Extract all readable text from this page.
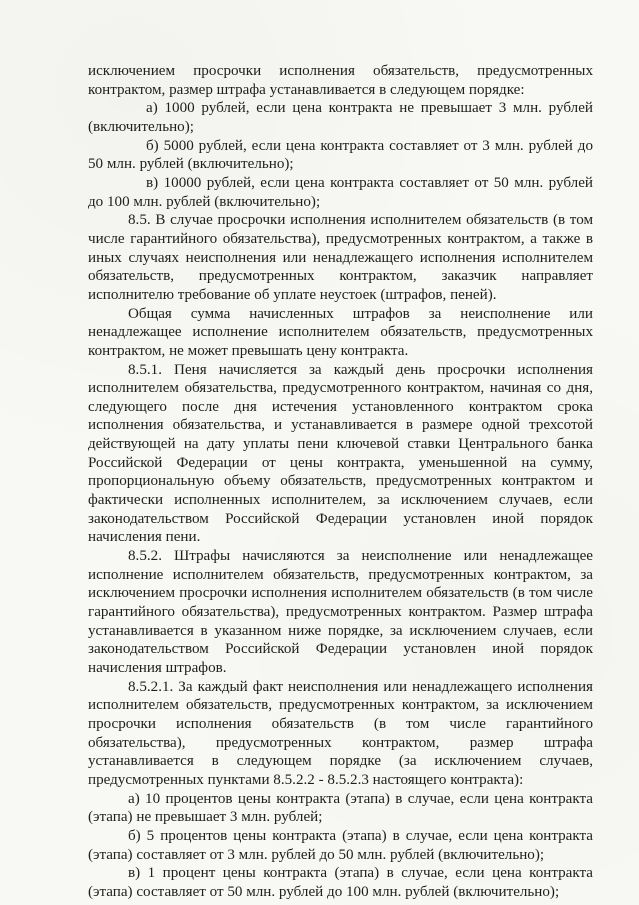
исключением просрочки исполнения обязательств, предусмотренных контрактом, размер штрафа устанавливается в следующем порядке:

а) 1000 рублей, если цена контракта не превышает 3 млн. рублей (включительно);

б) 5000 рублей, если цена контракта составляет от 3 млн. рублей до 50 млн. рублей (включительно);

в) 10000 рублей, если цена контракта составляет от 50 млн. рублей до 100 млн. рублей (включительно);

8.5. В случае просрочки исполнения исполнителем обязательств (в том числе гарантийного обязательства), предусмотренных контрактом, а также в иных случаях неисполнения или ненадлежащего исполнения исполнителем обязательств, предусмотренных контрактом, заказчик направляет исполнителю требование об уплате неустоек (штрафов, пеней).

Общая сумма начисленных штрафов за неисполнение или ненадлежащее исполнение исполнителем обязательств, предусмотренных контрактом, не может превышать цену контракта.

8.5.1. Пеня начисляется за каждый день просрочки исполнения исполнителем обязательства, предусмотренного контрактом, начиная со дня, следующего после дня истечения установленного контрактом срока исполнения обязательства, и устанавливается в размере одной трехсотой действующей на дату уплаты пени ключевой ставки Центрального банка Российской Федерации от цены контракта, уменьшенной на сумму, пропорциональную объему обязательств, предусмотренных контрактом и фактически исполненных исполнителем, за исключением случаев, если законодательством Российской Федерации установлен иной порядок начисления пени.

8.5.2. Штрафы начисляются за неисполнение или ненадлежащее исполнение исполнителем обязательств, предусмотренных контрактом, за исключением просрочки исполнения исполнителем обязательств (в том числе гарантийного обязательства), предусмотренных контрактом. Размер штрафа устанавливается в указанном ниже порядке, за исключением случаев, если законодательством Российской Федерации установлен иной порядок начисления штрафов.

8.5.2.1. За каждый факт неисполнения или ненадлежащего исполнения исполнителем обязательств, предусмотренных контрактом, за исключением просрочки исполнения обязательств (в том числе гарантийного обязательства), предусмотренных контрактом, размер штрафа устанавливается в следующем порядке (за исключением случаев, предусмотренных пунктами 8.5.2.2 - 8.5.2.3 настоящего контракта):

а) 10 процентов цены контракта (этапа) в случае, если цена контракта (этапа) не превышает 3 млн. рублей;

б) 5 процентов цены контракта (этапа) в случае, если цена контракта (этапа) составляет от 3 млн. рублей до 50 млн. рублей (включительно);

в) 1 процент цены контракта (этапа) в случае, если цена контракта (этапа) составляет от 50 млн. рублей до 100 млн. рублей (включительно);
